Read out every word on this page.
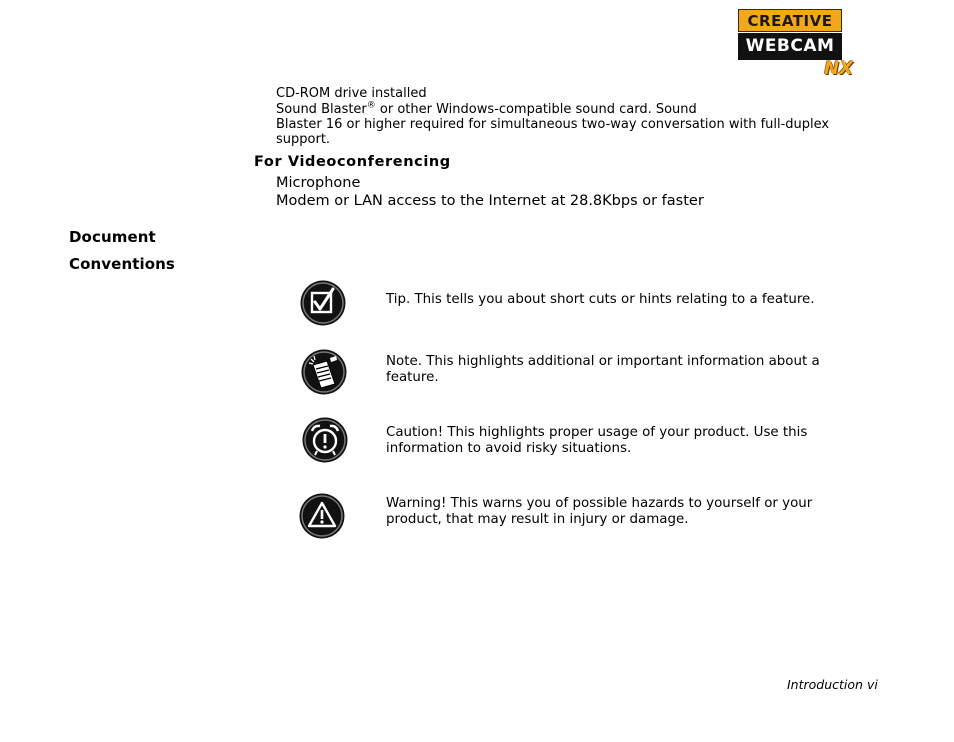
CREATIVE
WEBCAM
NX
CD-ROM drive installed
Sound Blaster® or other Windows-compatible sound card. Sound
Blaster 16 or higher required for simultaneous two-way conversation with full-duplex
support.
For Videoconferencing
Microphone
Modem or LAN access to the Internet at 28.8Kbps or faster
Document
Conventions
Tip. This tells you about short cuts or hints relating to a feature.
Note. This highlights additional or important information about a feature.
Caution! This highlights proper usage of your product. Use this information to avoid risky situations.
Warning! This warns you of possible hazards to yourself or your product, that may result in injury or damage.
Introduction vi
